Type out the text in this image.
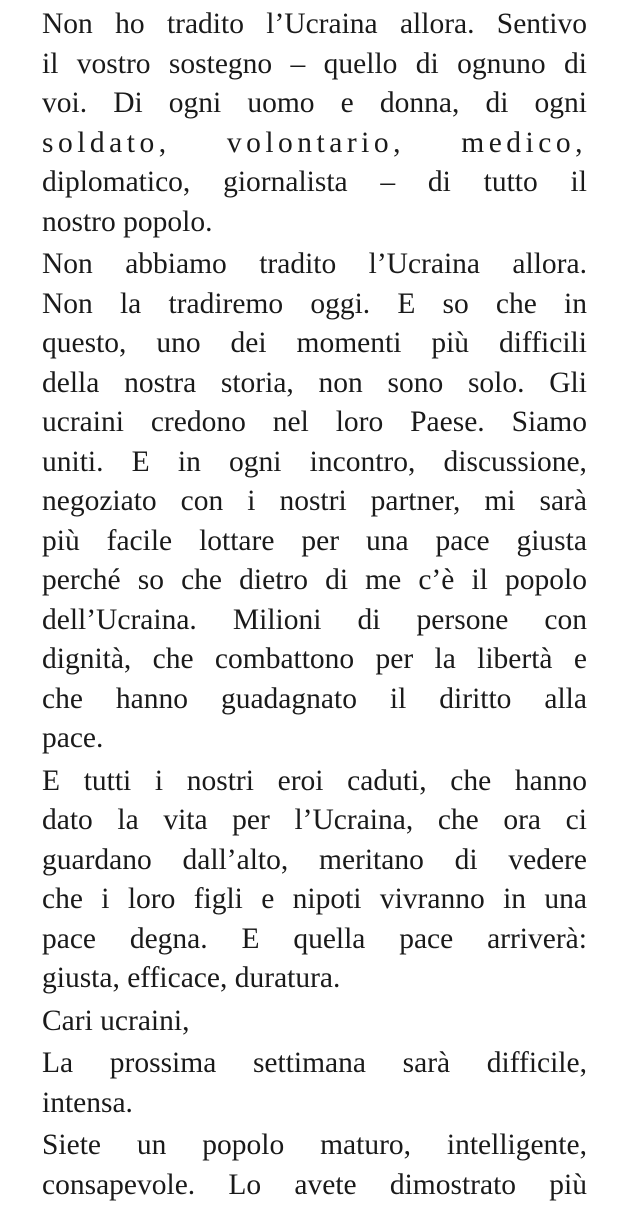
Non ho tradito l’Ucraina allora. Sentivo
il vostro sostegno – quello di ognuno di
voi. Di ogni uomo e donna, di ogni
soldato, volontario, medico,
diplomatico, giornalista – di tutto il
nostro popolo.
Non abbiamo tradito l’Ucraina allora.
Non la tradiremo oggi. E so che in
questo, uno dei momenti più difficili
della nostra storia, non sono solo. Gli
ucraini credono nel loro Paese. Siamo
uniti. E in ogni incontro, discussione,
negoziato con i nostri partner, mi sarà
più facile lottare per una pace giusta
perché so che dietro di me c’è il popolo
dell’Ucraina. Milioni di persone con
dignità, che combattono per la libertà e
che hanno guadagnato il diritto alla
pace.
E tutti i nostri eroi caduti, che hanno
dato la vita per l’Ucraina, che ora ci
guardano dall’alto, meritano di vedere
che i loro figli e nipoti vivranno in una
pace degna. E quella pace arriverà:
giusta, efficace, duratura.
Cari ucraini,
La prossima settimana sarà difficile,
intensa.
Siete un popolo maturo, intelligente,
consapevole. Lo avete dimostrato più
